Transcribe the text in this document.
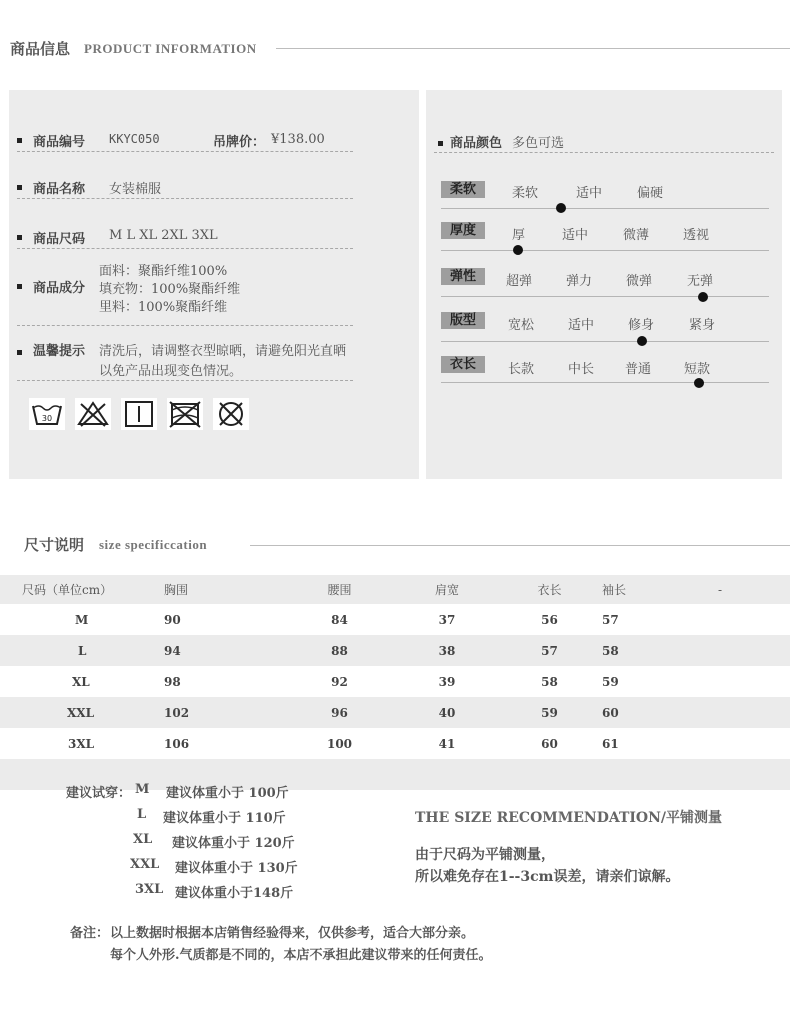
商品信息 PRODUCT INFORMATION
商品编号 KKYC050	吊牌价： ¥138.00
商品名称 女装棉服
商品尺码 M L XL 2XL 3XL
商品成分
面料：聚酯纤维100%
填充物：100%聚酯纤维
里料：100%聚酯纤维
温馨提示 清洗后，请调整衣型晾晒，请避免阳光直晒
以免产品出现变色情况。
30
商品颜色 多色可选
柔软	柔软	适中	偏硬
厚度	厚	适中	微薄	透视
弹性	超弹	弹力	微弹	无弹
版型	宽松	适中	修身	紧身
衣长	长款	中长 普通	短款
尺寸说明 size specificcation
尺码（单位cm）	胸围	腰围	肩宽	衣长	袖长 -
M	90	84	37	56	57
L	94	88	38	57	58
XL	98	92	39	58	59
XXL	102	96	40	59	60
3XL	106	100	41	60	61

建议试穿： M 建议体重小于 100斤
L 建议体重小于 110斤
XL 建议体重小于 120斤
XXL 建议体重小于 130斤
3XL 建议体重小于148斤
THE SIZE RECOMMENDATION/平铺测量
由于尺码为平铺测量，
所以难免存在1--3cm误差，请亲们谅解。
备注： 以上数据时根据本店销售经验得来，仅供参考，适合大部分亲。
每个人外形.气质都是不同的，本店不承担此建议带来的任何责任。
